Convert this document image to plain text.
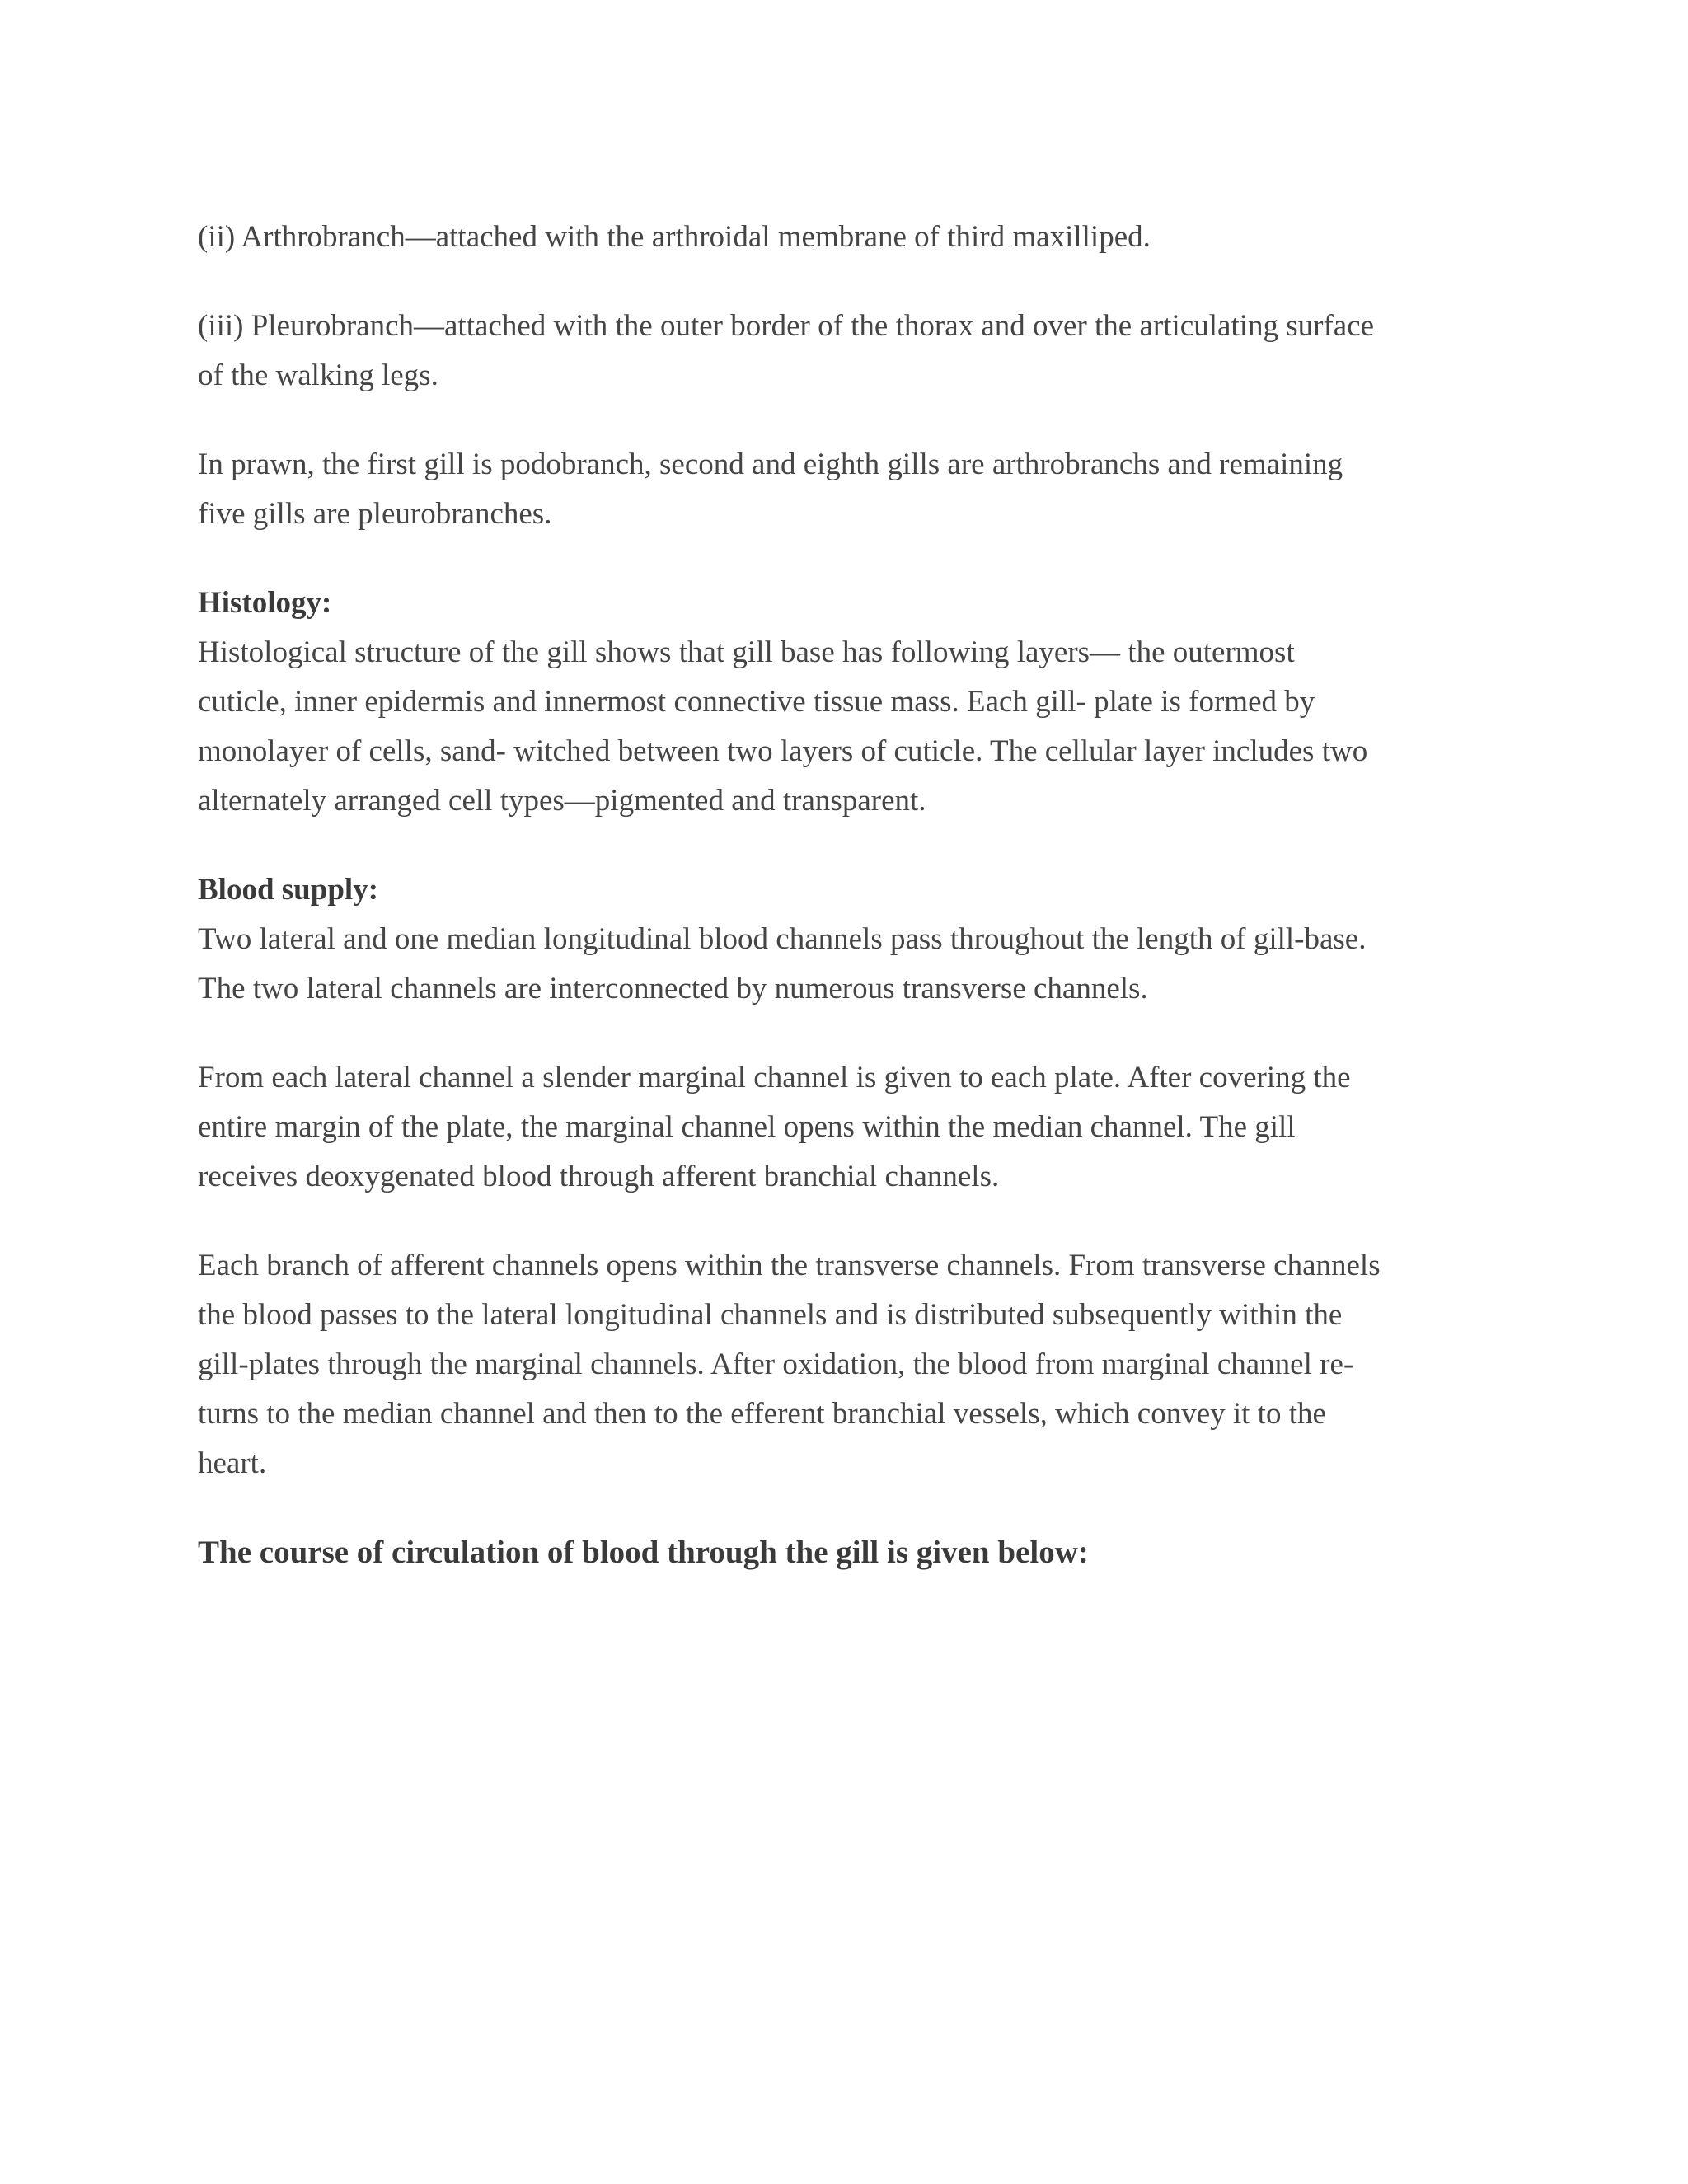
(ii) Arthrobranch—attached with the arthroidal membrane of third maxilliped.

(iii) Pleurobranch—attached with the outer border of the thorax and over the articulating surface
of the walking legs.

In prawn, the first gill is podobranch, second and eighth gills are arthrobranchs and remaining
five gills are pleurobranches.

Histology:
Histological structure of the gill shows that gill base has following layers— the outermost
cuticle, inner epidermis and innermost connective tissue mass. Each gill- plate is formed by
monolayer of cells, sand- witched between two layers of cuticle. The cellular layer includes two
alternately arranged cell types—pigmented and transparent.
Blood supply:
Two lateral and one median longitudinal blood channels pass throughout the length of gill-base.
The two lateral channels are interconnected by numerous transverse channels.

From each lateral channel a slender marginal channel is given to each plate. After covering the
entire margin of the plate, the marginal channel opens within the median channel. The gill
receives deoxygenated blood through afferent branchial channels.

Each branch of afferent channels opens within the transverse channels. From transverse channels
the blood passes to the lateral longitudinal channels and is distributed subsequently within the
gill-plates through the marginal channels. After oxidation, the blood from marginal channel re-
turns to the median channel and then to the efferent branchial vessels, which convey it to the
heart.

The course of circulation of blood through the gill is given below:
